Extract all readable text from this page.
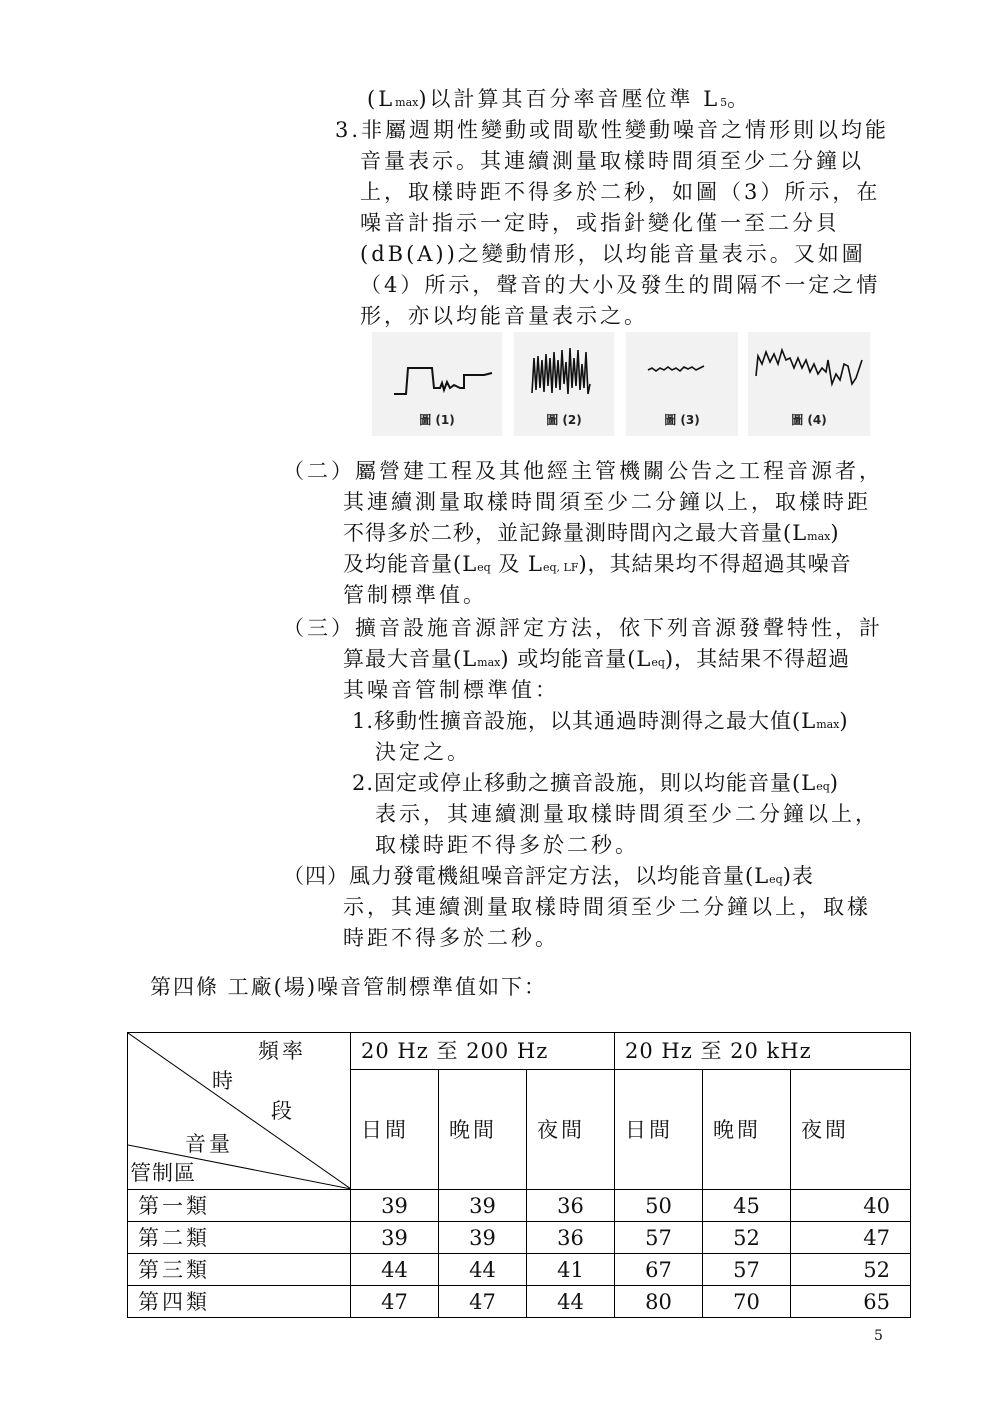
(Lmax)以計算其百分率音壓位準 L5。
3.非屬週期性變動或間歇性變動噪音之情形則以均能
音量表示。其連續測量取樣時間須至少二分鐘以
上，取樣時距不得多於二秒，如圖（3）所示，在
噪音計指示一定時，或指針變化僅一至二分貝
(dB(A))之變動情形，以均能音量表示。又如圖
（4）所示，聲音的大小及發生的間隔不一定之情
形，亦以均能音量表示之。
圖 (1)	圖 (2)	圖 (3)	圖 (4)
（二）屬營建工程及其他經主管機關公告之工程音源者，
其連續測量取樣時間須至少二分鐘以上，取樣時距
不得多於二秒，並記錄量測時間內之最大音量(Lmax)
及均能音量(Leq 及 Leq, LF)，其結果均不得超過其噪音
管制標準值。
（三）擴音設施音源評定方法，依下列音源發聲特性，計
算最大音量(Lmax) 或均能音量(Leq)，其結果不得超過
其噪音管制標準值：
1.移動性擴音設施，以其通過時測得之最大值(Lmax)
決定之。
2.固定或停止移動之擴音設施，則以均能音量(Leq)
表示，其連續測量取樣時間須至少二分鐘以上，
取樣時距不得多於二秒。
（四）風力發電機組噪音評定方法，以均能音量(Leq)表
示，其連續測量取樣時間須至少二分鐘以上，取樣
時距不得多於二秒。
第四條 工廠(場)噪音管制標準值如下：
頻率
時
段
音量
管制區	20 Hz 至 200 Hz			20 Hz 至 20 kHz		
	日間	晚間	夜間	日間	晚間	夜間
第一類	39	39	36	50	45	40
第二類	39	39	36	57	52	47
第三類	44	44	41	67	57	52
第四類	47	47	44	80	70	65
5
